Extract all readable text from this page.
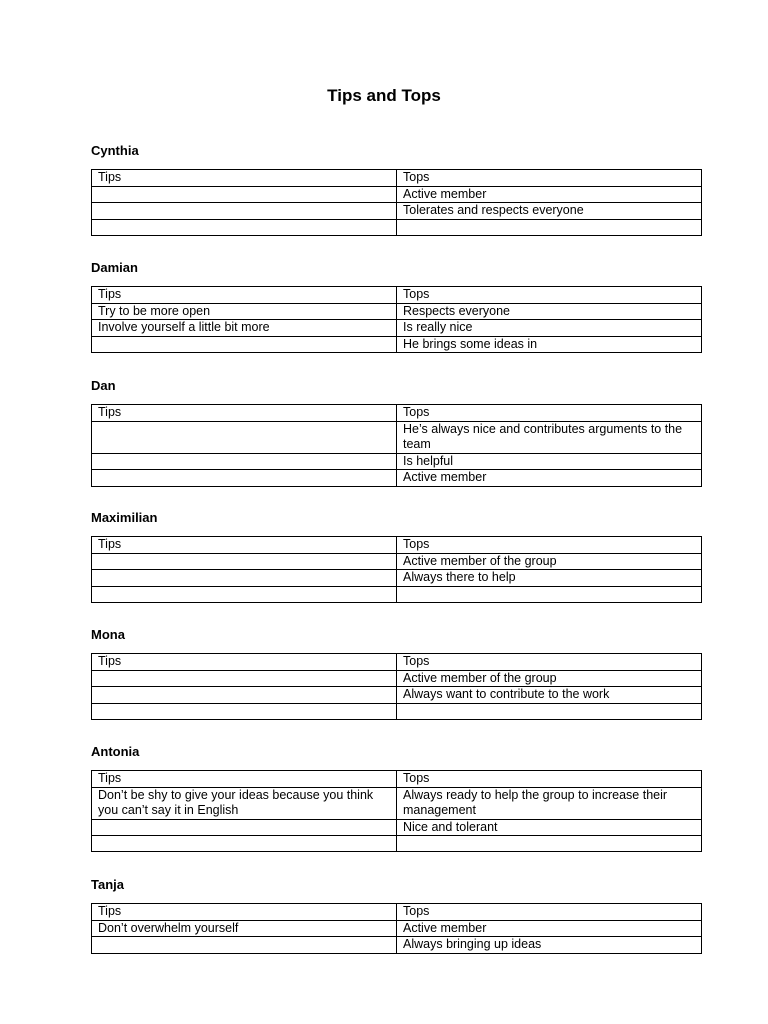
Tips and Tops
Cynthia
Tips	Tops
	Active member
	Tolerates and respects everyone

Damian
Tips	Tops
Try to be more open	Respects everyone
Involve yourself a little bit more	Is really nice
	He brings some ideas in
Dan
Tips	Tops
	He’s always nice and contributes arguments to the team
	Is helpful
	Active member
Maximilian
Tips	Tops
	Active member of the group
	Always there to help

Mona
Tips	Tops
	Active member of the group
	Always want to contribute to the work

Antonia
Tips	Tops
Don’t be shy to give your ideas because you think you can’t say it in English	Always ready to help the group to increase their management
	Nice and tolerant

Tanja
Tips	Tops
Don’t overwhelm yourself	Active member
	Always bringing up ideas
